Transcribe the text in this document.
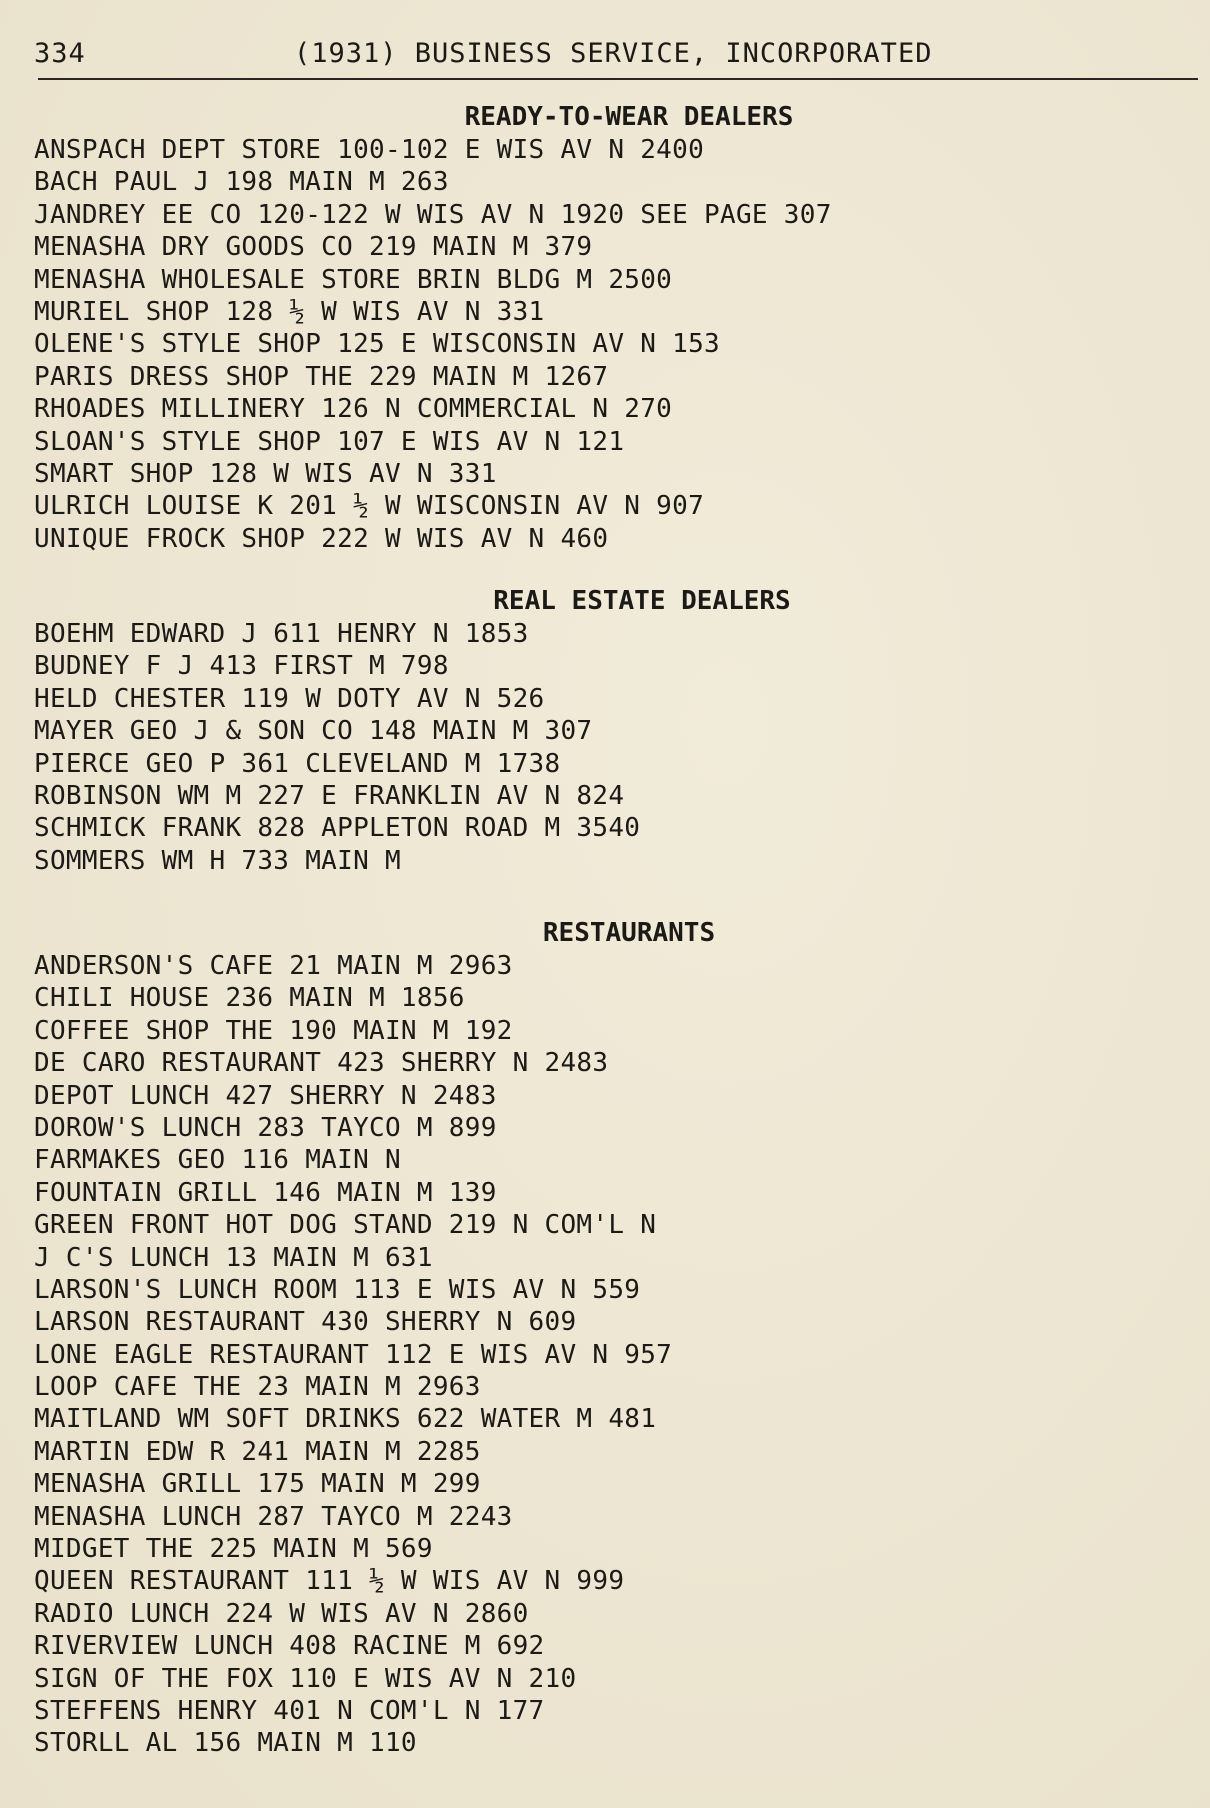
334	(1931) BUSINESS SERVICE, INCORPORATED
READY-TO-WEAR DEALERS
ANSPACH DEPT STORE 100-102 E WIS AV N 2400
BACH PAUL J 198 MAIN M 263
JANDREY EE CO 120-122 W WIS AV N 1920 SEE PAGE 307
MENASHA DRY GOODS CO 219 MAIN M 379
MENASHA WHOLESALE STORE BRIN BLDG M 2500
MURIEL SHOP 128 ½ W WIS AV N 331
OLENE'S STYLE SHOP 125 E WISCONSIN AV N 153
PARIS DRESS SHOP THE 229 MAIN M 1267
RHOADES MILLINERY 126 N COMMERCIAL N 270
SLOAN'S STYLE SHOP 107 E WIS AV N 121
SMART SHOP 128 W WIS AV N 331
ULRICH LOUISE K 201 ½ W WISCONSIN AV N 907
UNIQUE FROCK SHOP 222 W WIS AV N 460
REAL ESTATE DEALERS
BOEHM EDWARD J 611 HENRY N 1853
BUDNEY F J 413 FIRST M 798
HELD CHESTER 119 W DOTY AV N 526
MAYER GEO J & SON CO 148 MAIN M 307
PIERCE GEO P 361 CLEVELAND M 1738
ROBINSON WM M 227 E FRANKLIN AV N 824
SCHMICK FRANK 828 APPLETON ROAD M 3540
SOMMERS WM H 733 MAIN M
RESTAURANTS
ANDERSON'S CAFE 21 MAIN M 2963
CHILI HOUSE 236 MAIN M 1856
COFFEE SHOP THE 190 MAIN M 192
DE CARO RESTAURANT 423 SHERRY N 2483
DEPOT LUNCH 427 SHERRY N 2483
DOROW'S LUNCH 283 TAYCO M 899
FARMAKES GEO 116 MAIN N
FOUNTAIN GRILL 146 MAIN M 139
GREEN FRONT HOT DOG STAND 219 N COM'L N
J C'S LUNCH 13 MAIN M 631
LARSON'S LUNCH ROOM 113 E WIS AV N 559
LARSON RESTAURANT 430 SHERRY N 609
LONE EAGLE RESTAURANT 112 E WIS AV N 957
LOOP CAFE THE 23 MAIN M 2963
MAITLAND WM SOFT DRINKS 622 WATER M 481
MARTIN EDW R 241 MAIN M 2285
MENASHA GRILL 175 MAIN M 299
MENASHA LUNCH 287 TAYCO M 2243
MIDGET THE 225 MAIN M 569
QUEEN RESTAURANT 111 ½ W WIS AV N 999
RADIO LUNCH 224 W WIS AV N 2860
RIVERVIEW LUNCH 408 RACINE M 692
SIGN OF THE FOX 110 E WIS AV N 210
STEFFENS HENRY 401 N COM'L N 177
STORLL AL 156 MAIN M 110
